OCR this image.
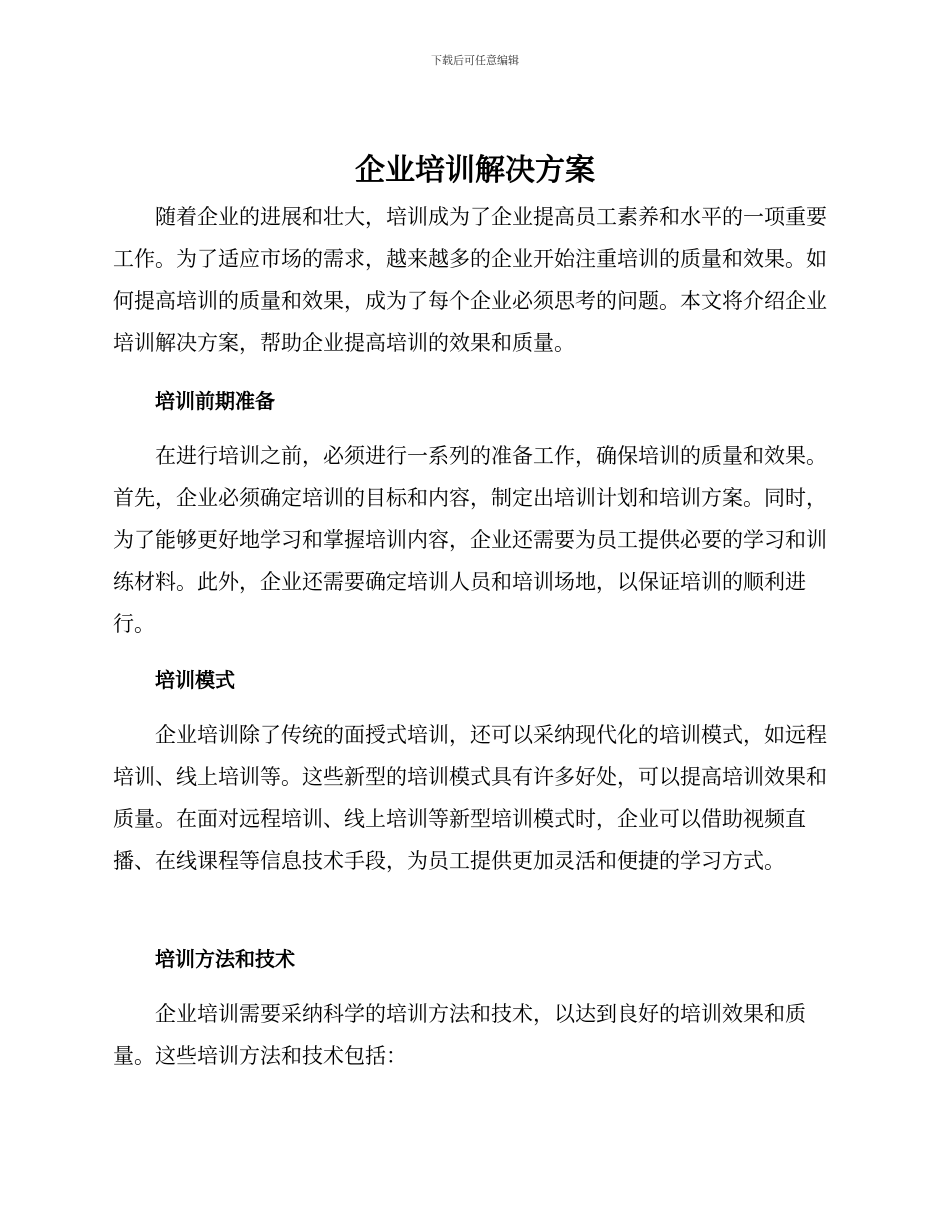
下载后可任意编辑
企业培训解决方案

随着企业的进展和壮大，培训成为了企业提高员工素养和水平的一项重要工作。为了适应市场的需求，越来越多的企业开始注重培训的质量和效果。如何提高培训的质量和效果，成为了每个企业必须思考的问题。本文将介绍企业培训解决方案，帮助企业提高培训的效果和质量。

培训前期准备

在进行培训之前，必须进行一系列的准备工作，确保培训的质量和效果。首先，企业必须确定培训的目标和内容，制定出培训计划和培训方案。同时，为了能够更好地学习和掌握培训内容，企业还需要为员工提供必要的学习和训练材料。此外，企业还需要确定培训人员和培训场地，以保证培训的顺利进行。

培训模式

企业培训除了传统的面授式培训，还可以采纳现代化的培训模式，如远程培训、线上培训等。这些新型的培训模式具有许多好处，可以提高培训效果和质量。在面对远程培训、线上培训等新型培训模式时，企业可以借助视频直播、在线课程等信息技术手段，为员工提供更加灵活和便捷的学习方式。

培训方法和技术

企业培训需要采纳科学的培训方法和技术，以达到良好的培训效果和质量。这些培训方法和技术包括：
